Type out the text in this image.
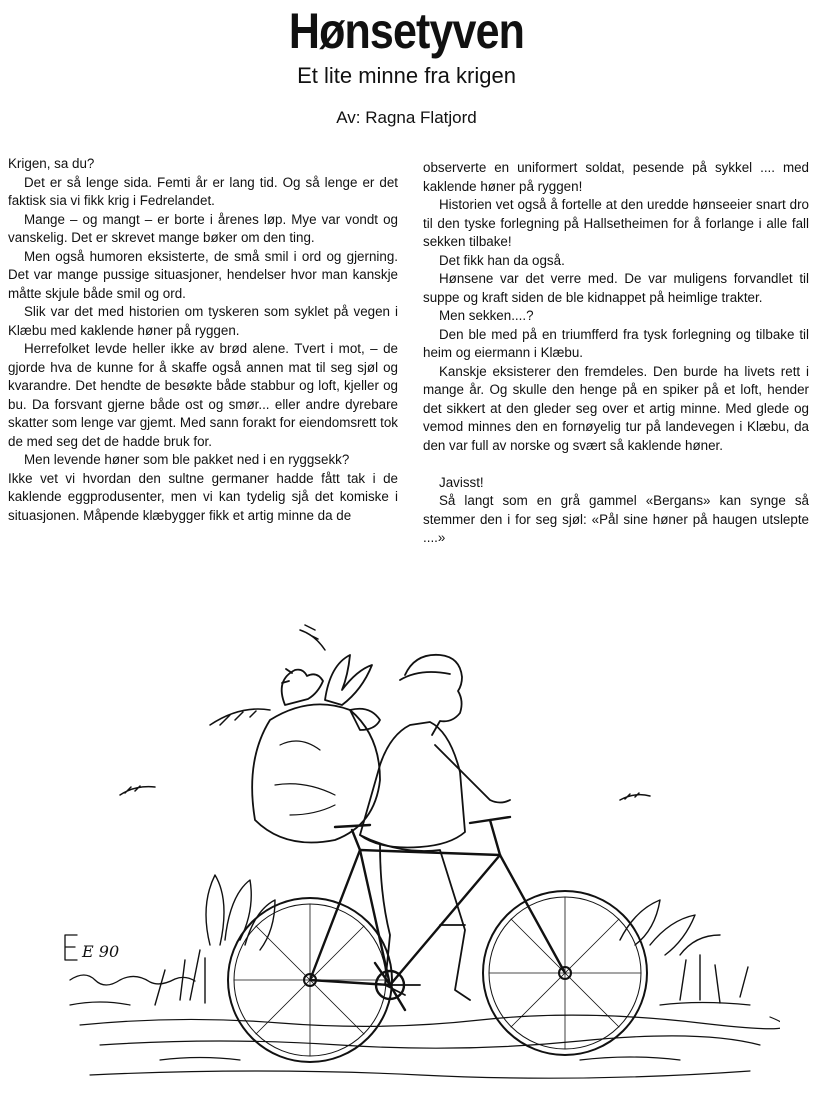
Hønsetyven
Et lite minne fra krigen
Av: Ragna Flatjord

Krigen, sa du?

Det er så lenge sida. Femti år er lang tid. Og så lenge er det faktisk sia vi fikk krig i Fedrelandet.

Mange – og mangt – er borte i årenes løp. Mye var vondt og vanskelig. Det er skrevet mange bøker om den ting.

Men også humoren eksisterte, de små smil i ord og gjerning. Det var mange pussige situasjoner, hendelser hvor man kanskje måtte skjule både smil og ord.

Slik var det med historien om tyskeren som syklet på vegen i Klæbu med kaklende høner på ryggen.

Herrefolket levde heller ikke av brød alene. Tvert i mot, – de gjorde hva de kunne for å skaffe også annen mat til seg sjøl og kvarandre. Det hendte de besøkte både stabbur og loft, kjeller og bu. Da forsvant gjerne både ost og smør... eller andre dyrebare skatter som lenge var gjemt. Med sann forakt for eiendomsrett tok de med seg det de hadde bruk for.

Men levende høner som ble pakket ned i en ryggsekk?

Ikke vet vi hvordan den sultne germaner hadde fått tak i de kaklende eggprodusenter, men vi kan tydelig sjå det komiske i situasjonen. Måpende klæbygger fikk et artig minne da de

observerte en uniformert soldat, pesende på sykkel .... med kaklende høner på ryggen!

Historien vet også å fortelle at den uredde hønseeier snart dro til den tyske forlegning på Hallsetheimen for å forlange i alle fall sekken tilbake!

Det fikk han da også.

Hønsene var det verre med. De var muligens forvandlet til suppe og kraft siden de ble kidnappet på heimlige trakter.

Men sekken....?

Den ble med på en triumfferd fra tysk forlegning og tilbake til heim og eiermann i Klæbu.

Kanskje eksisterer den fremdeles. Den burde ha livets rett i mange år. Og skulle den henge på en spiker på et loft, hender det sikkert at den gleder seg over et artig minne. Med glede og vemod minnes den en fornøyelig tur på landevegen i Klæbu, da den var full av norske og svært så kaklende høner.

Javisst!

Så langt som en grå gammel «Bergans» kan synge så stemmer den i for seg sjøl: «Pål sine høner på haugen utslepte ....»

E 90
